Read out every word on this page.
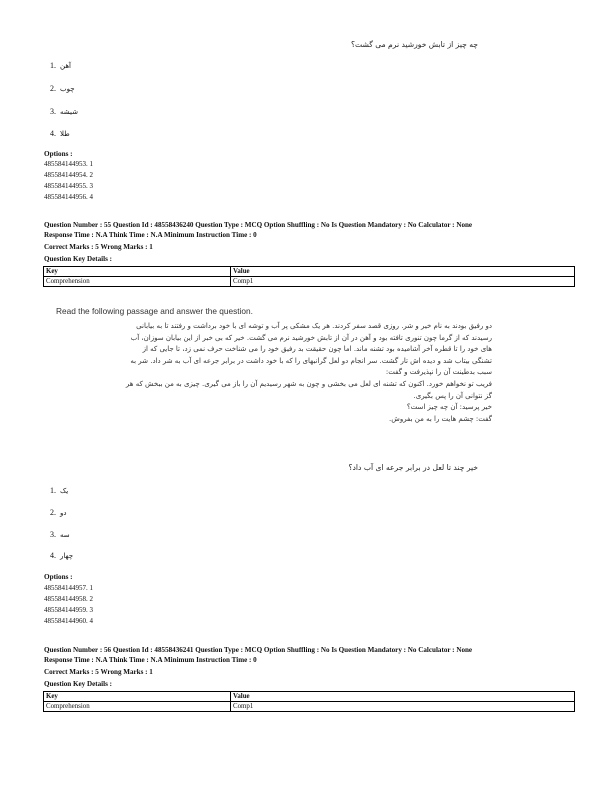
چه چیز از تابش خورشید نرم می گشت؟
1. آهن
2. چوب
3. شیشه
4. طلا
Options :
485584144953. 1
485584144954. 2
485584144955. 3
485584144956. 4
Question Number : 55 Question Id : 48558436240 Question Type : MCQ Option Shuffling : No Is Question Mandatory : No Calculator : None
Response Time : N.A Think Time : N.A Minimum Instruction Time : 0
Correct Marks : 5 Wrong Marks : 1
Question Key Details :
Key	Value
Comprehension	Comp1
Read the following passage and answer the question.
دو رفیق بودند به نام خیر و شر. روزی قصد سفر کردند. هر یک مشکی پر آب و توشه ای با خود برداشت و رفتند تا به بیابانی
رسیدند که از گرما چون تنوری تافته بود و آهن در آن از تابش خورشید نرم می گشت. خیر که بی خبر از این بیابان سوزان، آب
های خود را تا قطره آخر آشامیده بود تشنه ماند. اما چون حقیقت بد رفیق خود را می شناخت حرف نمی زد، تا جایی که از
تشنگی بیتاب شد و دیده اش تار گشت. سر انجام دو لعل گرانبهای را که با خود داشت در برابر جرعه ای آب به شر داد. شر به
سبب بدطینت آن را نپذیرفت و گفت:
فریب تو نخواهم خورد. اکنون که تشنه ای لعل می بخشی و چون به شهر رسیدیم آن را باز می گیری. چیزی به من ببخش که هر
گز نتوانی آن را پس بگیری.
خیر پرسید: آن چه چیز است؟
گفت: چشم هایت را به من بفروش.
خیر چند تا لعل در برابر جرعه ای آب داد؟
1. یک
2. دو
3. سه
4. چهار
Options :
485584144957. 1
485584144958. 2
485584144959. 3
485584144960. 4
Question Number : 56 Question Id : 48558436241 Question Type : MCQ Option Shuffling : No Is Question Mandatory : No Calculator : None
Response Time : N.A Think Time : N.A Minimum Instruction Time : 0
Correct Marks : 5 Wrong Marks : 1
Question Key Details :
Key	Value
Comprehension	Comp1
